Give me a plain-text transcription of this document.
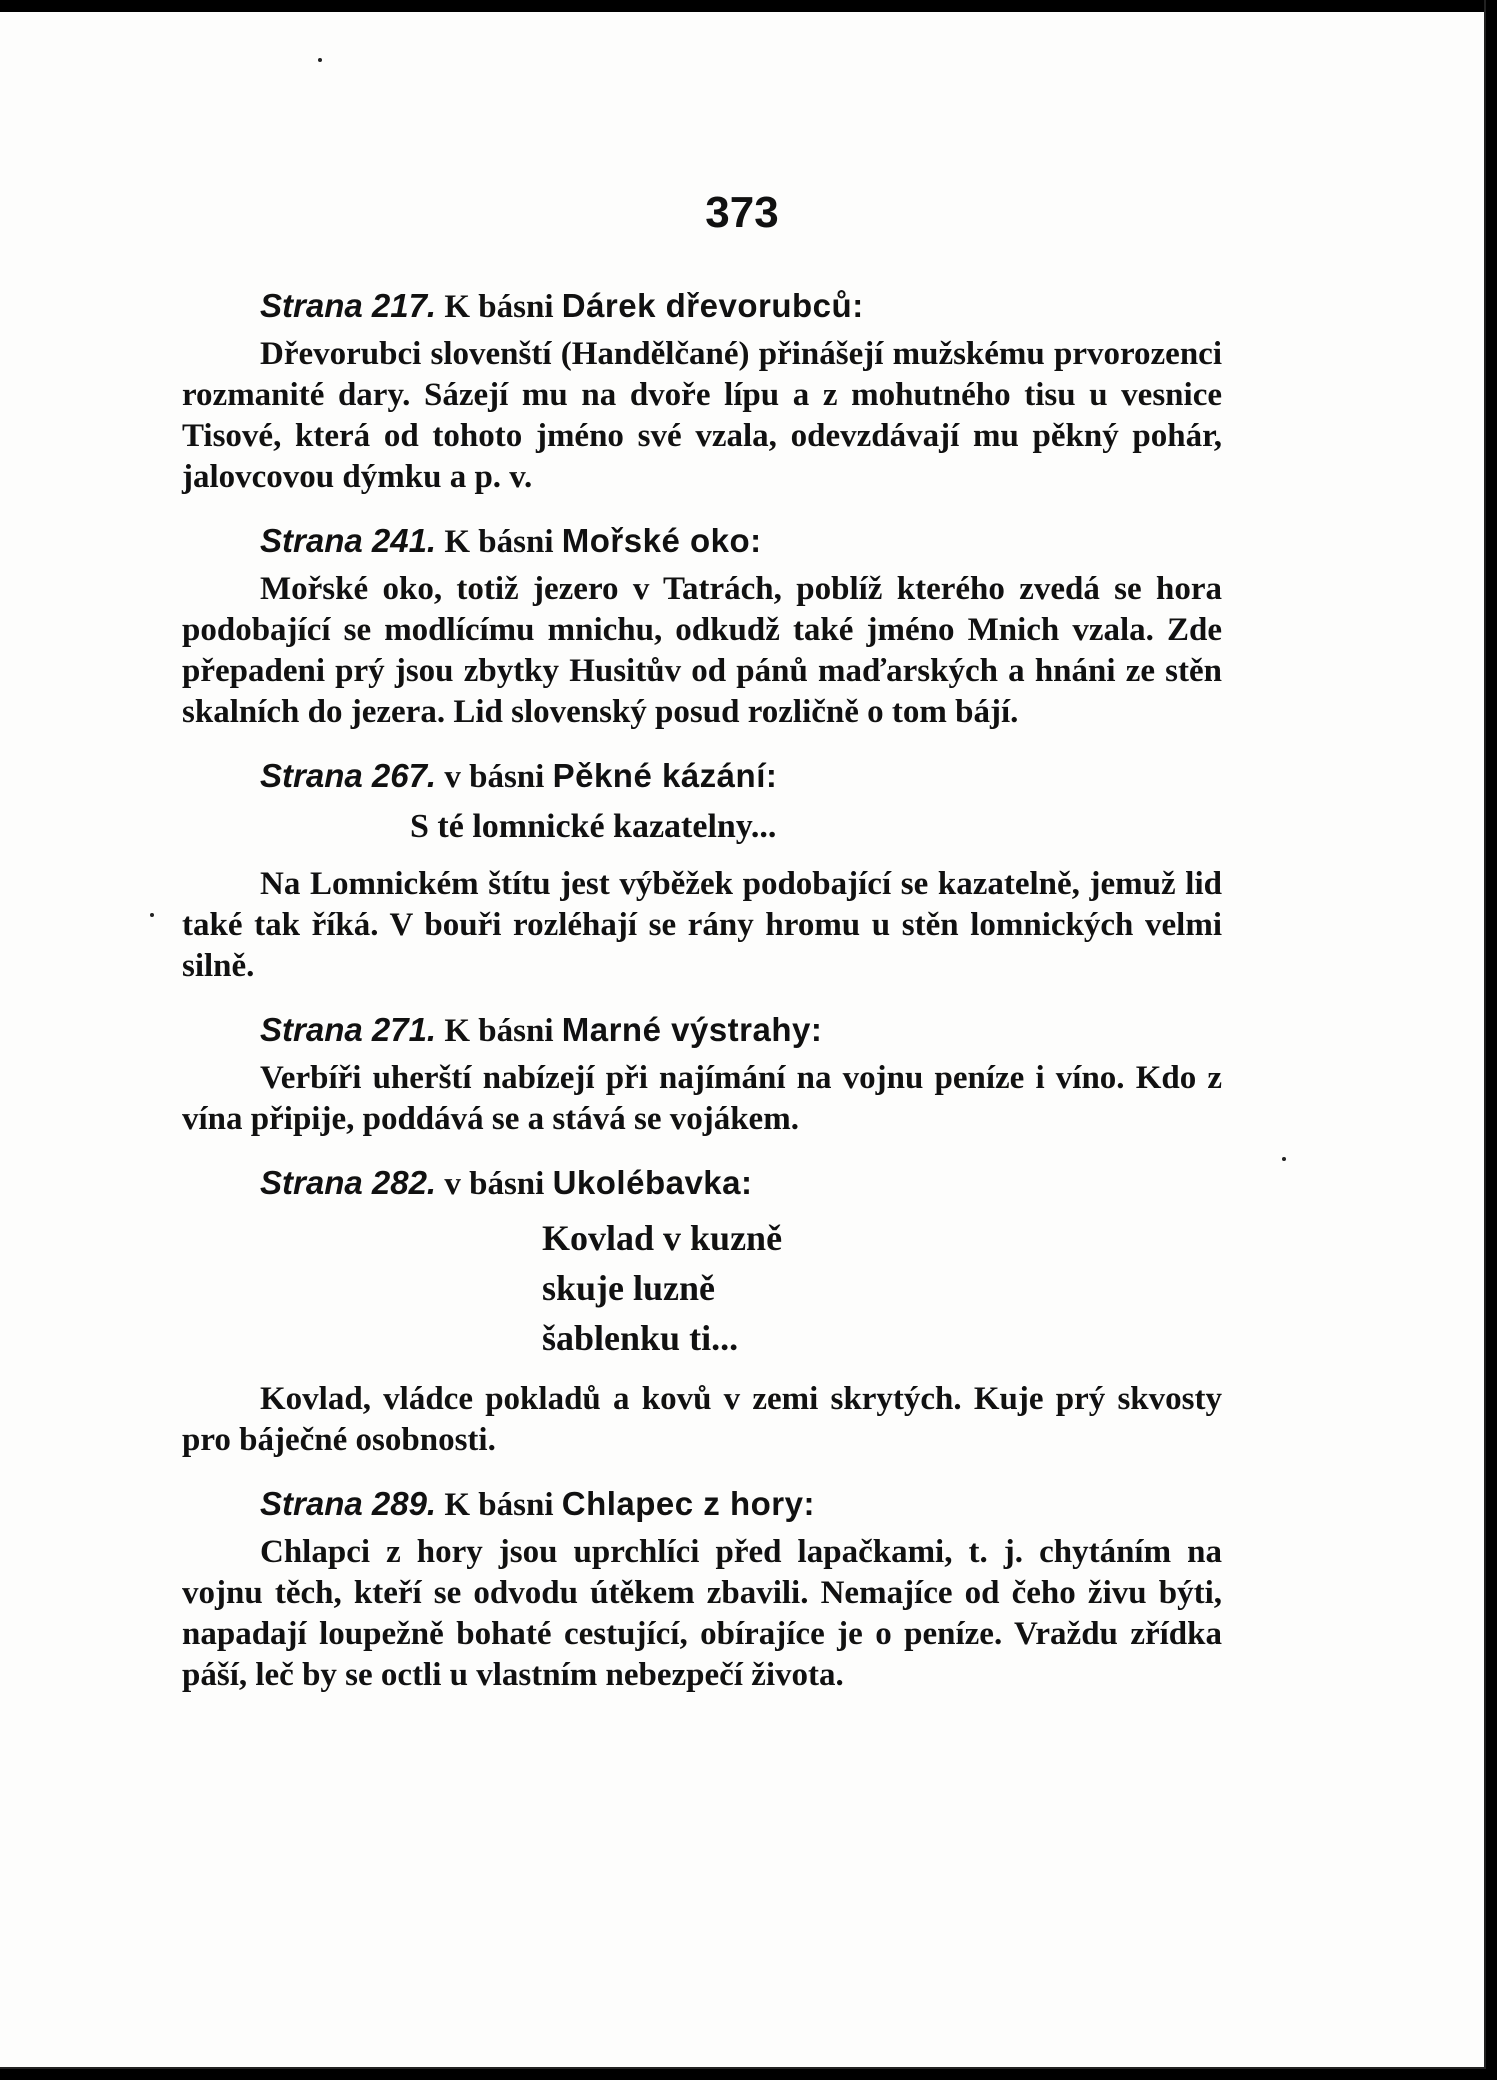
373
Strana 217. K básni Dárek dřevorubců:

Dřevorubci slovenští (Handělčané) přinášejí mužskému prvorozenci rozmanité dary. Sázejí mu na dvoře lípu a z mohutného tisu u vesnice Tisové, která od tohoto jméno své vzala, odevzdávají mu pěkný pohár, jalovcovou dýmku a p. v.

Strana 241. K básni Mořské oko:

Mořské oko, totiž jezero v Tatrách, poblíž kterého zvedá se hora podobající se modlícímu mnichu, odkudž také jméno Mnich vzala. Zde přepadeni prý jsou zbytky Husitův od pánů maďarských a hnáni ze stěn skalních do jezera. Lid slovenský posud rozličně o tom bájí.

Strana 267. v básni Pěkné kázání:
S té lomnické kazatelny...

Na Lomnickém štítu jest výběžek podobající se kazatelně, jemuž lid také tak říká. V bouři rozléhají se rány hromu u stěn lomnických velmi silně.

Strana 271. K básni Marné výstrahy:

Verbíři uherští nabízejí při najímání na vojnu peníze i víno. Kdo z vína připije, poddává se a stává se vojákem.

Strana 282. v básni Ukolébavka:
Kovlad v kuzně
skuje luzně
šablenku ti...

Kovlad, vládce pokladů a kovů v zemi skrytých. Kuje prý skvosty pro báječné osobnosti.

Strana 289. K básni Chlapec z hory:

Chlapci z hory jsou uprchlíci před lapačkami, t. j. chytáním na vojnu těch, kteří se odvodu útěkem zbavili. Nemajíce od čeho živu býti, napadají loupežně bohaté cestující, obírajíce je o peníze. Vraždu zřídka páší, leč by se octli u vlastním nebezpečí života.
